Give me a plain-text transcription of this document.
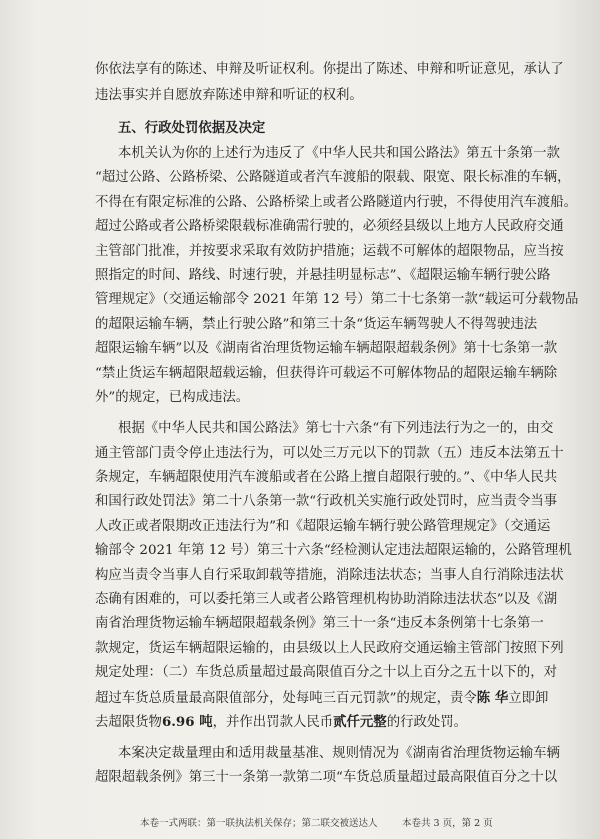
你依法享有的陈述、申辩及听证权利。你提出了陈述、申辩和听证意见，承认了
违法事实并自愿放弃陈述申辩和听证的权利。
五、行政处罚依据及决定
本机关认为你的上述行为违反了《中华人民共和国公路法》第五十条第一款
“超过公路、公路桥梁、公路隧道或者汽车渡船的限载、限宽、限长标准的车辆，
不得在有限定标准的公路、公路桥梁上或者公路隧道内行驶，不得使用汽车渡船。
超过公路或者公路桥梁限载标准确需行驶的，必须经县级以上地方人民政府交通
主管部门批准，并按要求采取有效防护措施；运载不可解体的超限物品，应当按
照指定的时间、路线、时速行驶，并悬挂明显标志”、《超限运输车辆行驶公路
管理规定》（交通运输部令 2021 年第 12 号）第二十七条第一款“载运可分载物品
的超限运输车辆，禁止行驶公路”和第三十条“货运车辆驾驶人不得驾驶违法
超限运输车辆”以及《湖南省治理货物运输车辆超限超载条例》第十七条第一款
“禁止货运车辆超限超载运输，但获得许可载运不可解体物品的超限运输车辆除
外”的规定，已构成违法。
根据《中华人民共和国公路法》第七十六条“有下列违法行为之一的，由交
通主管部门责令停止违法行为，可以处三万元以下的罚款（五）违反本法第五十
条规定，车辆超限使用汽车渡船或者在公路上擅自超限行驶的。”、《中华人民共
和国行政处罚法》第二十八条第一款“行政机关实施行政处罚时，应当责令当事
人改正或者限期改正违法行为”和《超限运输车辆行驶公路管理规定》（交通运
输部令 2021 年第 12 号）第三十六条“经检测认定违法超限运输的，公路管理机
构应当责令当事人自行采取卸载等措施，消除违法状态；当事人自行消除违法状
态确有困难的，可以委托第三人或者公路管理机构协助消除违法状态”以及《湖
南省治理货物运输车辆超限超载条例》第三十一条“违反本条例第十七条第一
款规定，货运车辆超限运输的，由县级以上人民政府交通运输主管部门按照下列
规定处理：（二）车货总质量超过最高限值百分之十以上百分之五十以下的，对
超过车货总质量最高限值部分，处每吨三百元罚款”的规定，责令陈 华立即卸
去超限货物6.96 吨，并作出罚款人民币贰仟元整的行政处罚。
本案决定裁量理由和适用裁量基准、规则情况为《湖南省治理货物运输车辆
超限超载条例》第三十一条第一款第二项“车货总质量超过最高限值百分之十以
本卷一式两联：第一联执法机关保存；第二联交被送达人	本卷共 3 页，第 2 页
